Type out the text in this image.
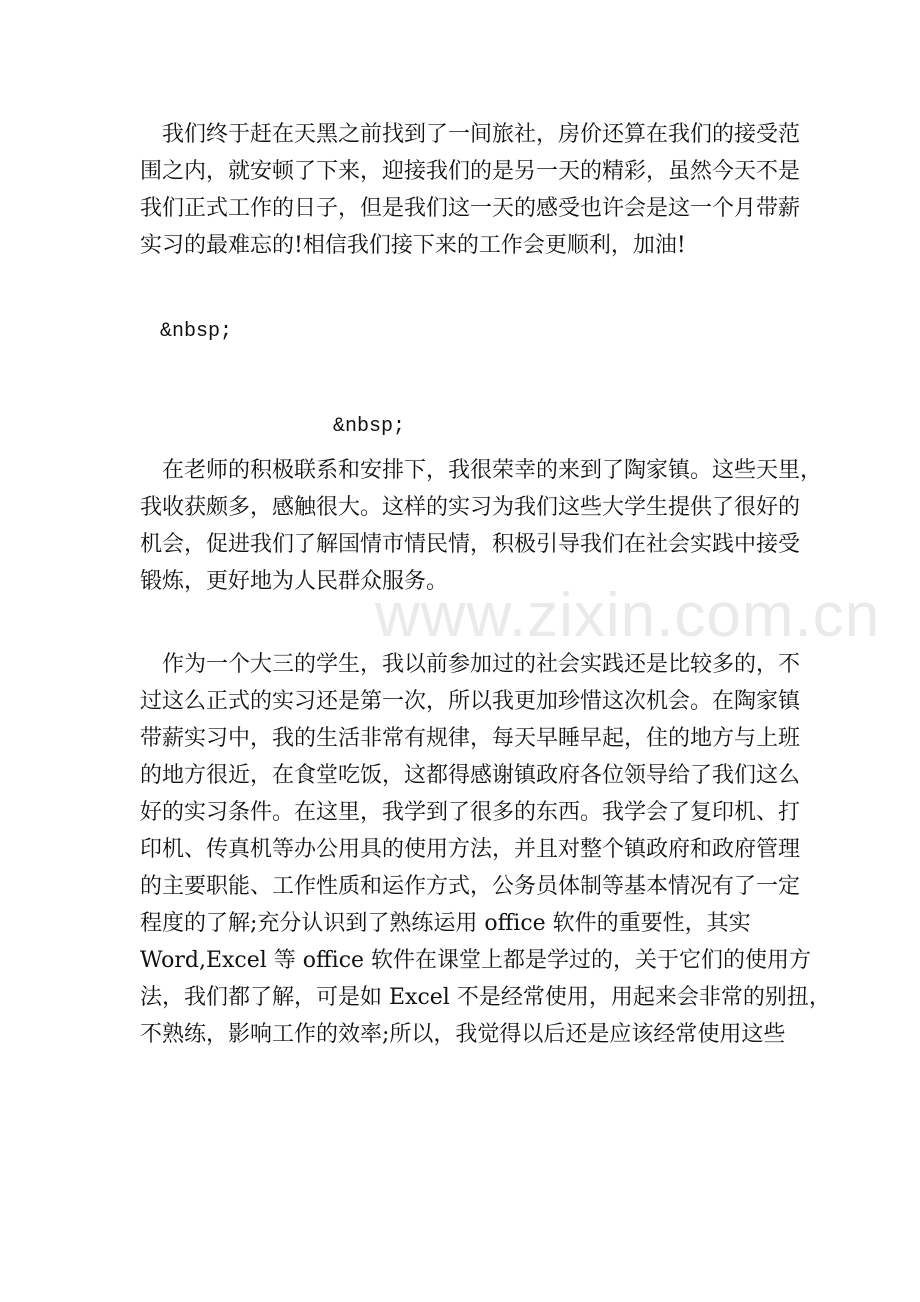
　我们终于赶在天黑之前找到了一间旅社，房价还算在我们的接受范
围之内，就安顿了下来，迎接我们的是另一天的精彩，虽然今天不是
我们正式工作的日子，但是我们这一天的感受也许会是这一个月带薪
实习的最难忘的!相信我们接下来的工作会更顺利，加油!
&nbsp;
&nbsp;
　在老师的积极联系和安排下，我很荣幸的来到了陶家镇。这些天里，
我收获颇多，感触很大。这样的实习为我们这些大学生提供了很好的
机会，促进我们了解国情市情民情，积极引导我们在社会实践中接受
锻炼，更好地为人民群众服务。
　作为一个大三的学生，我以前参加过的社会实践还是比较多的，不
过这么正式的实习还是第一次，所以我更加珍惜这次机会。在陶家镇
带薪实习中，我的生活非常有规律，每天早睡早起，住的地方与上班
的地方很近，在食堂吃饭，这都得感谢镇政府各位领导给了我们这么
好的实习条件。在这里，我学到了很多的东西。我学会了复印机、打
印机、传真机等办公用具的使用方法，并且对整个镇政府和政府管理
的主要职能、工作性质和运作方式，公务员体制等基本情况有了一定
程度的了解;充分认识到了熟练运用 office 软件的重要性，其实
Word,Excel 等 office 软件在课堂上都是学过的，关于它们的使用方
法，我们都了解，可是如 Excel 不是经常使用，用起来会非常的别扭，
不熟练，影响工作的效率;所以，我觉得以后还是应该经常使用这些
www.zixin.com.cn
